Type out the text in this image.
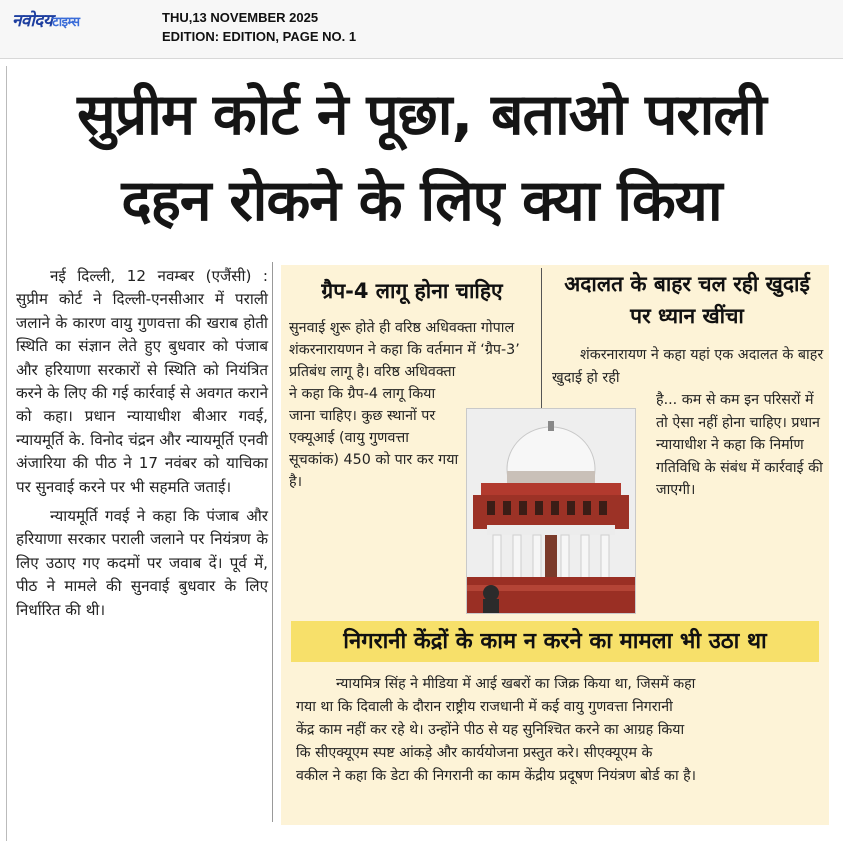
नवोदयटाइम्स	THU,13 NOVEMBER 2025
EDITION: EDITION, PAGE NO. 1
सुप्रीम कोर्ट ने पूछा, बताओ पराली
दहन रोकने के लिए क्या किया

नई दिल्ली, 12 नवम्बर (एजैंसी) : सुप्रीम कोर्ट ने दिल्ली-एनसीआर में पराली जलाने के कारण वायु गुणवत्ता की खराब होती स्थिति का संज्ञान लेते हुए बुधवार को पंजाब और हरियाणा सरकारों से स्थिति को नियंत्रित करने के लिए की गई कार्रवाई से अवगत कराने को कहा। प्रधान न्यायाधीश बीआर गवई, न्यायमूर्ति के. विनोद चंद्रन और न्यायमूर्ति एनवी अंजारिया की पीठ ने 17 नवंबर को याचिका पर सुनवाई करने पर भी सहमति जताई।

न्यायमूर्ति गवई ने कहा कि पंजाब और हरियाणा सरकार पराली जलाने पर नियंत्रण के लिए उठाए गए कदमों पर जवाब दें। पूर्व में, पीठ ने मामले की सुनवाई बुधवार के लिए निर्धारित की थी।

ग्रैप-4 लागू होना चाहिए	अदालत के बाहर चल रही खुदाई पर ध्यान खींचा
सुनवाई शुरू होते ही वरिष्ठ अधिवक्ता गोपाल शंकरनारायणन ने कहा कि वर्तमान में ‘ग्रैप-3’
प्रतिबंध लागू है। वरिष्ठ अधिवक्ता ने कहा कि ग्रैप-4 लागू किया जाना चाहिए। कुछ स्थानों पर एक्यूआई (वायु गुणवत्ता सूचकांक) 450 को पार कर गया है।
शंकरनारायण ने कहा यहां एक अदालत के बाहर खुदाई हो रही
है... कम से कम इन परिसरों में तो ऐसा नहीं होना चाहिए। प्रधान न्यायाधीश ने कहा कि निर्माण गतिविधि के संबंध में कार्रवाई की जाएगी।
निगरानी केंद्रों के काम न करने का मामला भी उठा था
न्यायमित्र सिंह ने मीडिया में आई खबरों का जिक्र किया था, जिसमें कहा
गया था कि दिवाली के दौरान राष्ट्रीय राजधानी में कई वायु गुणवत्ता निगरानी
केंद्र काम नहीं कर रहे थे। उन्होंने पीठ से यह सुनिश्चित करने का आग्रह किया
कि सीएक्यूएम स्पष्ट आंकड़े और कार्ययोजना प्रस्तुत करे। सीएक्यूएम के
वकील ने कहा कि डेटा की निगरानी का काम केंद्रीय प्रदूषण नियंत्रण बोर्ड का है।
